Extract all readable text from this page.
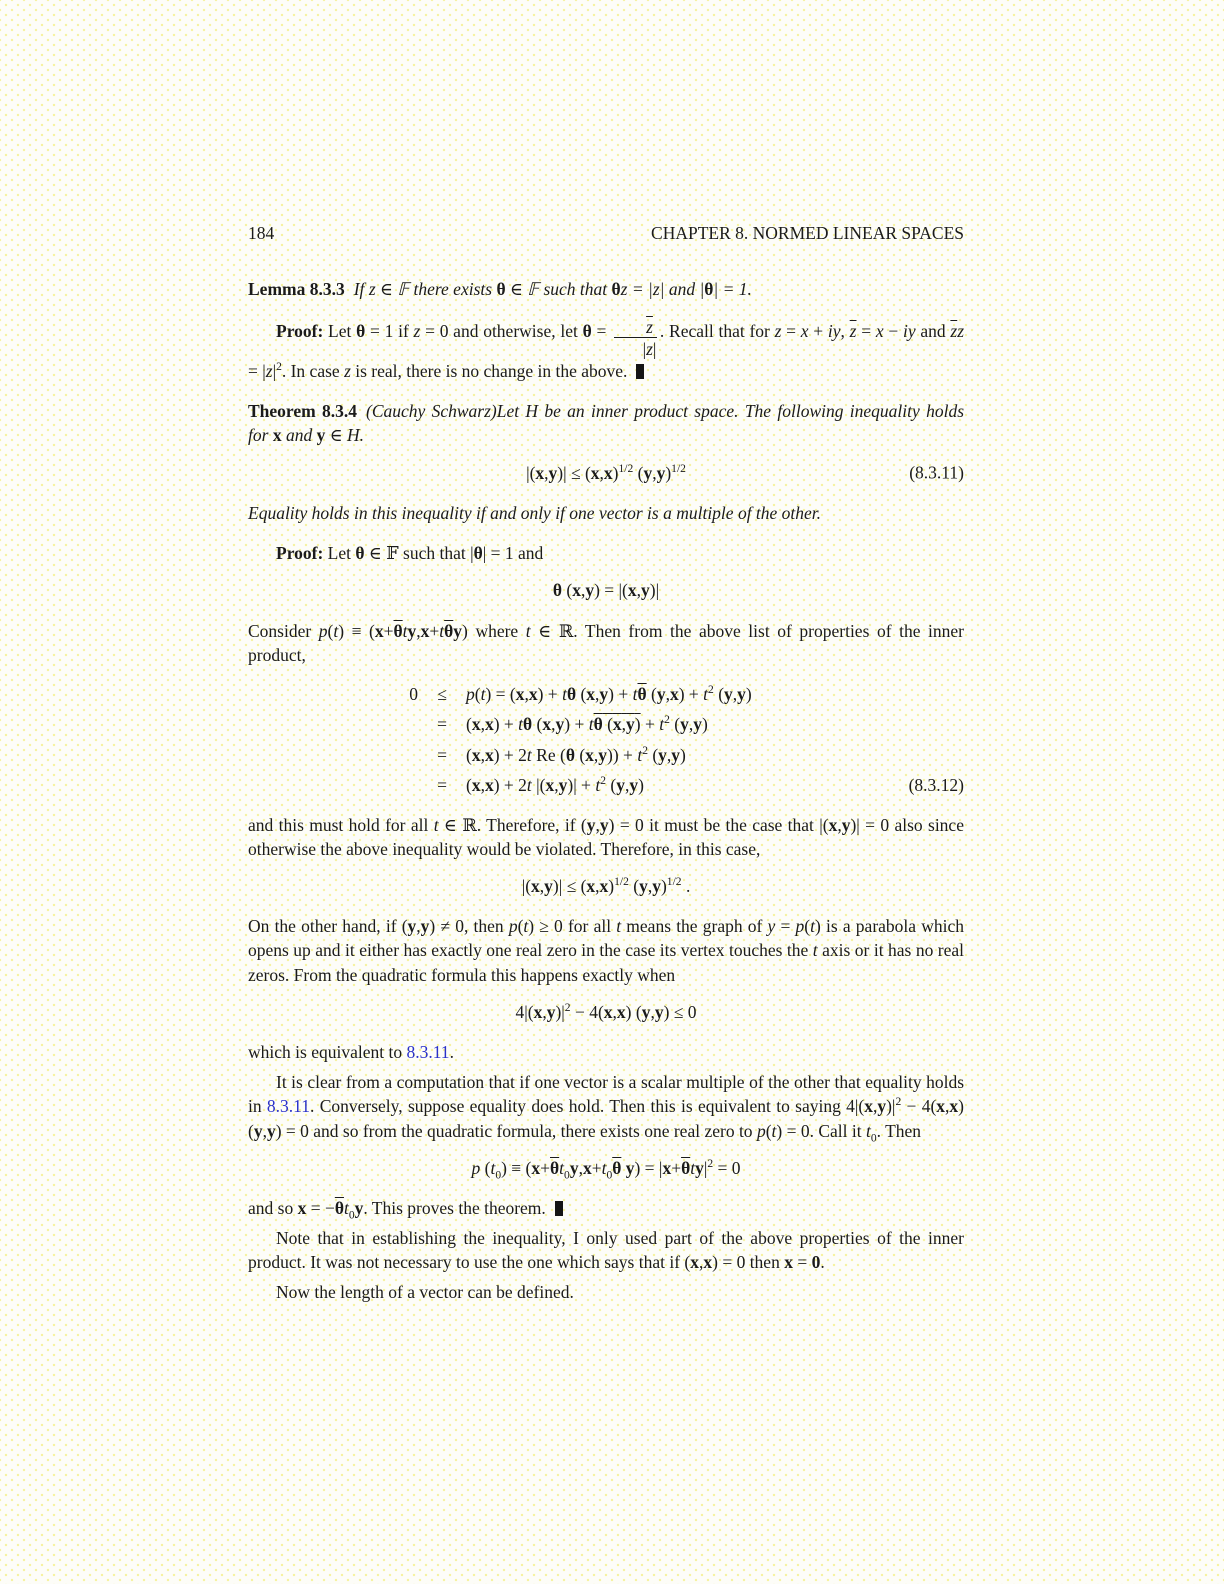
184	CHAPTER 8. NORMED LINEAR SPACES

Lemma 8.3.3 If z ∈ 𝔽 there exists θ ∈ 𝔽 such that θz = |z| and |θ| = 1.

Proof: Let θ = 1 if z = 0 and otherwise, let $\theta = \frac{\overline{z}}{|z|}$ . Recall that for z = x + iy, $\overline{z} = x$ − iy and $\overline{z}z = |z|^2$. In case z is real, there is no change in the above.

Theorem 8.3.4 (Cauchy Schwarz)Let H be an inner product space. The following inequality holds for x and y ∈ H.

$|(x,y)| \le (x,x)^{1/2}$ $(y,y)^{1/2}$	(8.3.11)

Equality holds in this inequality if and only if one vector is a multiple of the other.

Proof: Let θ ∈ 𝔽 such that |θ| = 1 and

θ (x,y) = |(x,y)|

Consider $p(t) \equiv (x+\overline{\theta}ty,x+t\overline{\theta}y)$ where t ∈ ℝ. Then from the above list of properties of the inner product,

0	≤	p(t) = (x,x) + tθ $(x,y) + t\overline{\theta}$ $(y,x) + t^2$ (y,y)
=	(x,x) + tθ (x,y) + tθ $(x,y) + t^2$ (y,y)
=	(x,x) + 2t Re (θ $(x,y)) + t^2$ (y,y)
=	(x,x) + 2t $|(x,y)| + t^2$ (y,y)	(8.3.12)

and this must hold for all t ∈ ℝ. Therefore, if (y,y) = 0 it must be the case that |(x,y)| = 0 also since otherwise the above inequality would be violated. Therefore, in this case,

$|(x,y)| \le (x,x)^{1/2}$ $(y,y)^{1/2}$ .

On the other hand, if (y,y) ≠ 0, then p(t) ≥ 0 for all t means the graph of y = p(t) is a parabola which opens up and it either has exactly one real zero in the case its vertex touches the t axis or it has no real zeros. From the quadratic formula this happens exactly when

$4|(x,y)|^2 - 4(x,x) (y,y) \le 0$

which is equivalent to 8.3.11.

It is clear from a computation that if one vector is a scalar multiple of the other that equality holds in 8.3.11. Conversely, suppose equality does hold. Then this is equivalent to saying $4|(x,y)|^2 - 4(x,x) (y,y) = 0$ and so from the quadratic formula, there exists one real zero to p(t) = 0. Call it $t_0$. Then

p $(t_0) \equiv (x+\overline{\theta}t_0y,x+t_0\overline{\theta}$ $y) = |x+\overline{\theta}ty|^2 = 0$

and so $x = -\overline{\theta}t_0y$. This proves the theorem.

Note that in establishing the inequality, I only used part of the above properties of the inner product. It was not necessary to use the one which says that if (x,x) = 0 then x = 0.

Now the length of a vector can be defined.
